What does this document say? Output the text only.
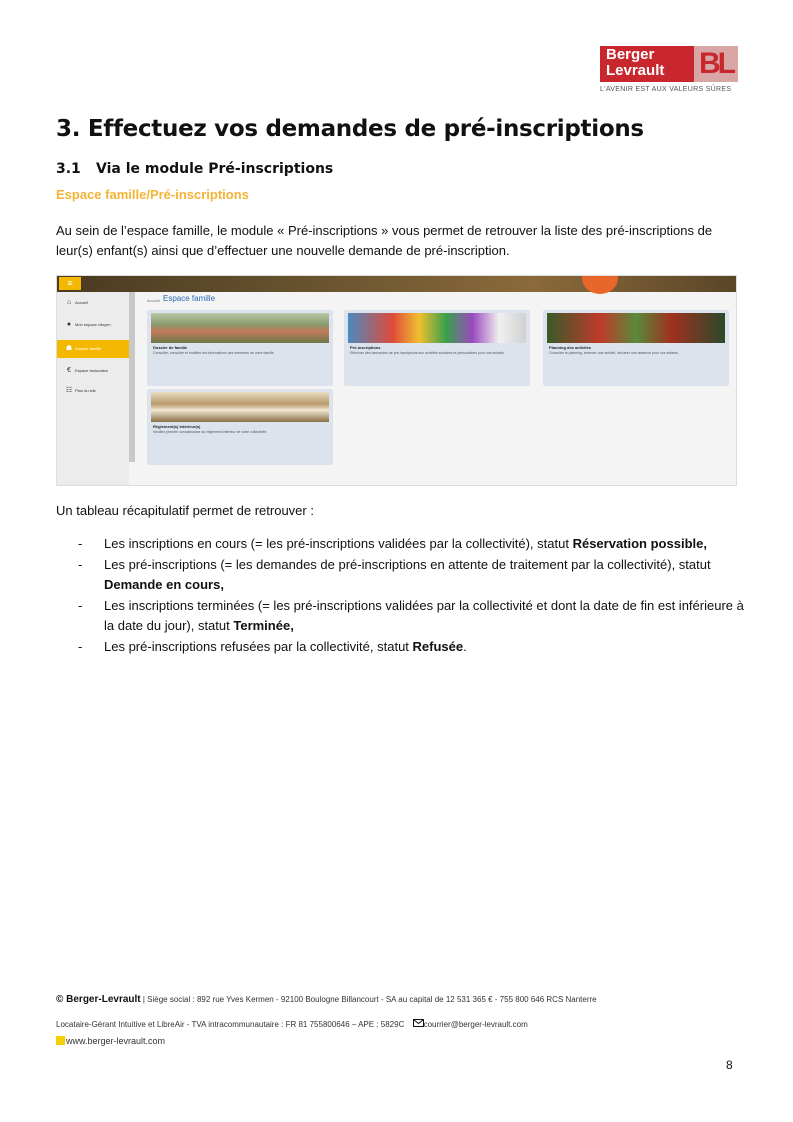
Berger
Levrault BL
L'AVENIR EST AUX VALEURS SÛRES
3. Effectuez vos demandes de pré-inscriptions
3.1 Via le module Pré-inscriptions
Espace famille/Pré-inscriptions
Au sein de l’espace famille, le module « Pré-inscriptions » vous permet de retrouver la liste des pré-inscriptions de leur(s) enfant(s) ainsi que d’effectuer une nouvelle demande de pré-inscription.
≡
⌂ Accueil
● Mon espace citoyen
☗ Espace famille
€ Espace facturation
☷ Plan du site
Accueil Espace famille
Dossier de famille
Consulter, consulter et modifier les informations des membres de votre famille.
Pré-inscriptions
Effectuer des demandes de pré-inscriptions aux activités scolaires et périscolaires pour vos enfants.
Planning des activités
Consulter le planning, réserver une activité, déclarer une absence pour vos enfants.
Règlement(s) intérieur(s)
Veuillez prendre connaissance du règlement intérieur de votre collectivité.
Un tableau récapitulatif permet de retrouver :
- Les inscriptions en cours (= les pré-inscriptions validées par la collectivité), statut Réservation possible,
- Les pré-inscriptions (= les demandes de pré-inscriptions en attente de traitement par la collectivité), statut Demande en cours,
- Les inscriptions terminées (= les pré-inscriptions validées par la collectivité et dont la date de fin est inférieure à la date du jour), statut Terminée,
- Les pré-inscriptions refusées par la collectivité, statut Refusée.
© Berger-Levrault | Siège social : 892 rue Yves Kermen - 92100 Boulogne Billancourt - SA au capital de 12 531 365 € - 755 800 646 RCS Nanterre
Locataire-Gérant Intuitive et LibreAir - TVA intracommunautaire : FR 81 755800646 – APE : 5829C courrier@berger-levrault.com
www.berger-levrault.com
8
